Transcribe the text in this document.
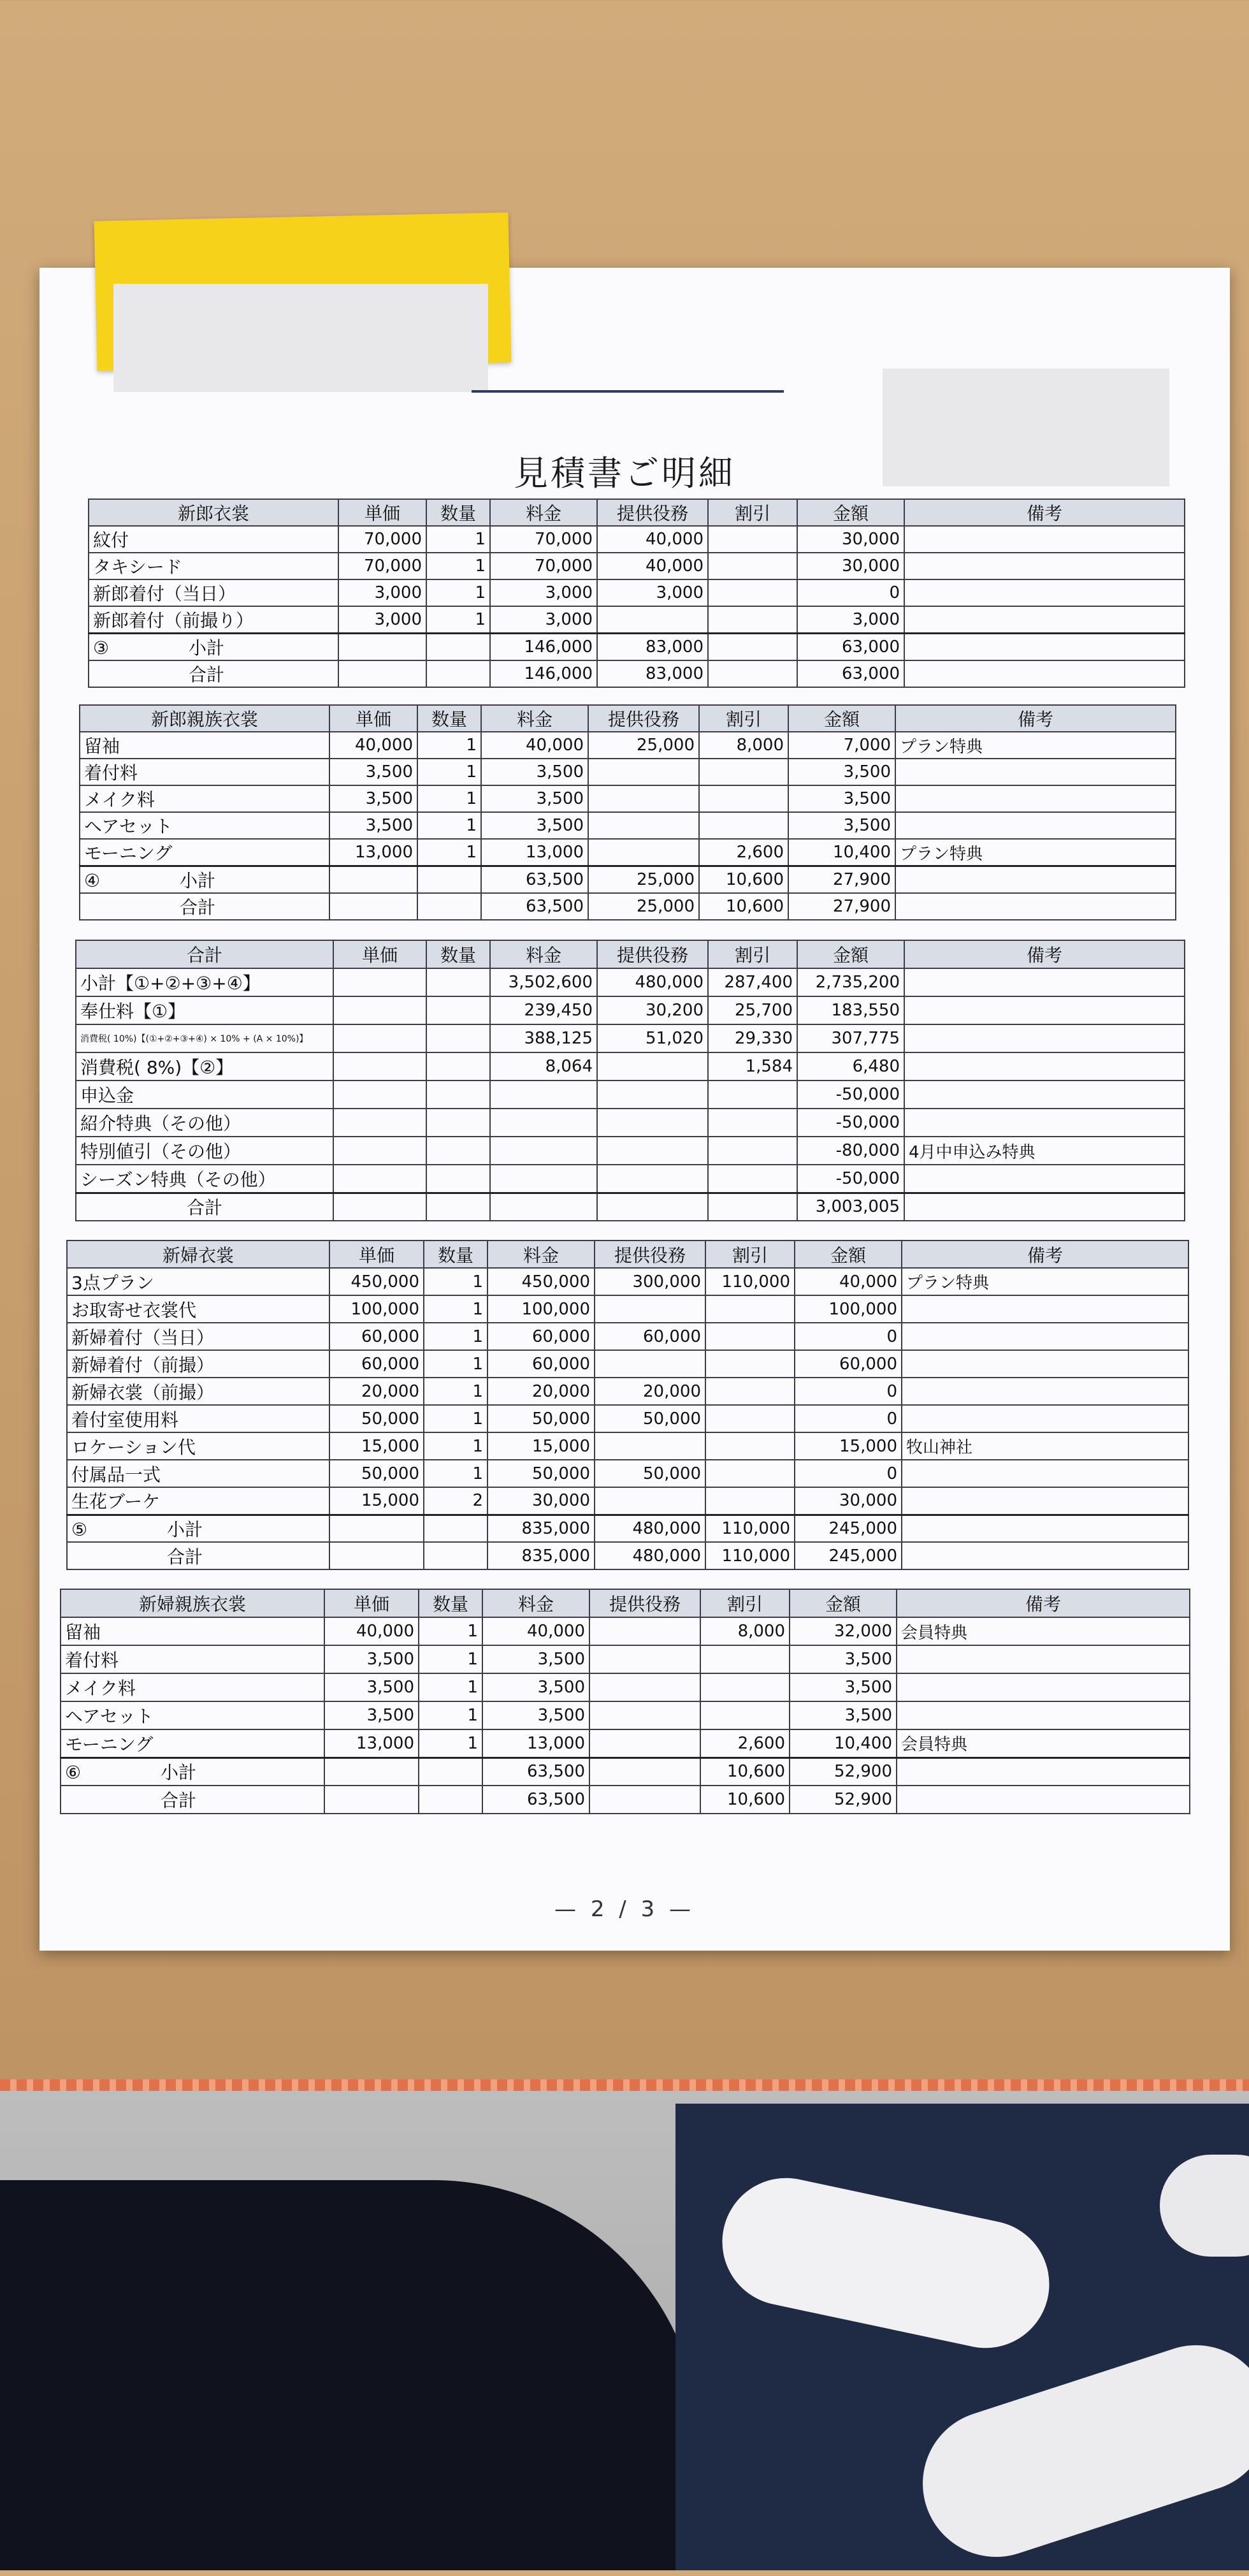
見積書ご明細
新郎衣裳	単価	数量	料金	提供役務	割引	金額	備考
紋付	70,000	1	70,000	40,000		30,000	
タキシード	70,000	1	70,000	40,000		30,000	
新郎着付（当日）	3,000	1	3,000	3,000		0	
新郎着付（前撮り）	3,000	1	3,000			3,000	
③ 小計			146,000	83,000		63,000	
合計			146,000	83,000		63,000	
新郎親族衣裳	単価	数量	料金	提供役務	割引	金額	備考
留袖	40,000	1	40,000	25,000	8,000	7,000	プラン特典
着付料	3,500	1	3,500			3,500	
メイク料	3,500	1	3,500			3,500	
ヘアセット	3,500	1	3,500			3,500	
モーニング	13,000	1	13,000		2,600	10,400	プラン特典
④ 小計			63,500	25,000	10,600	27,900	
合計			63,500	25,000	10,600	27,900	
合計	単価	数量	料金	提供役務	割引	金額	備考
小計【①+②+③+④】			3,502,600	480,000	287,400	2,735,200	
奉仕料【①】			239,450	30,200	25,700	183,550	
消費税( 10%)【(①+②+③+④) × 10% + (A × 10%)】			388,125	51,020	29,330	307,775	
消費税( 8%)【②】			8,064		1,584	6,480	
申込金						-50,000	
紹介特典（その他）						-50,000	
特別値引（その他）						-80,000	4月中申込み特典
シーズン特典（その他）						-50,000	
合計						3,003,005	
新婦衣裳	単価	数量	料金	提供役務	割引	金額	備考
3点プラン	450,000	1	450,000	300,000	110,000	40,000	プラン特典
お取寄せ衣裳代	100,000	1	100,000			100,000	
新婦着付（当日）	60,000	1	60,000	60,000		0	
新婦着付（前撮）	60,000	1	60,000			60,000	
新婦衣裳（前撮）	20,000	1	20,000	20,000		0	
着付室使用料	50,000	1	50,000	50,000		0	
ロケーション代	15,000	1	15,000			15,000	牧山神社
付属品一式	50,000	1	50,000	50,000		0	
生花ブーケ	15,000	2	30,000			30,000	
⑤ 小計			835,000	480,000	110,000	245,000	
合計			835,000	480,000	110,000	245,000	
新婦親族衣裳	単価	数量	料金	提供役務	割引	金額	備考
留袖	40,000	1	40,000		8,000	32,000	会員特典
着付料	3,500	1	3,500			3,500	
メイク料	3,500	1	3,500			3,500	
ヘアセット	3,500	1	3,500			3,500	
モーニング	13,000	1	13,000		2,600	10,400	会員特典
⑥ 小計			63,500		10,600	52,900	
合計			63,500		10,600	52,900	
— 2 / 3 —
